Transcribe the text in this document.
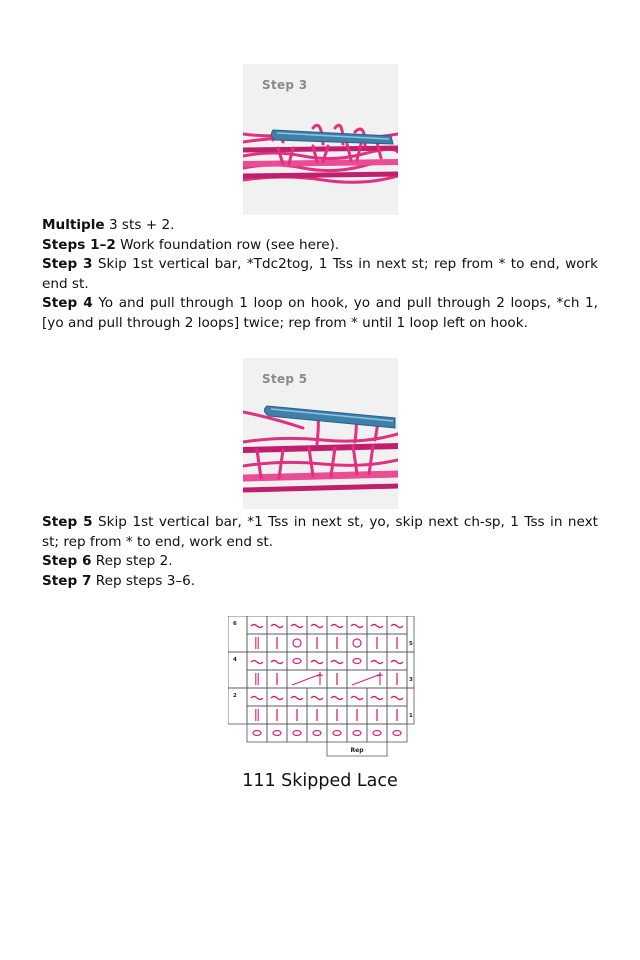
Step 3

Multiple 3 sts + 2.

Steps 1–2 Work foundation row (see here).

Step 3 Skip 1st vertical bar, *Tdc2tog, 1 Tss in next st; rep from * to end, work end st.

Step 4 Yo and pull through 1 loop on hook, yo and pull through 2 loops, *ch 1, [yo and pull through 2 loops] twice; rep from * until 1 loop left on hook.

Step 5

Step 5 Skip 1st vertical bar, *1 Tss in next st, yo, skip next ch-sp, 1 Tss in next st; rep from * to end, work end st.

Step 6 Rep step 2.

Step 7 Rep steps 3–6.

6
5
4
3
2
1
Rep
111 Skipped Lace
